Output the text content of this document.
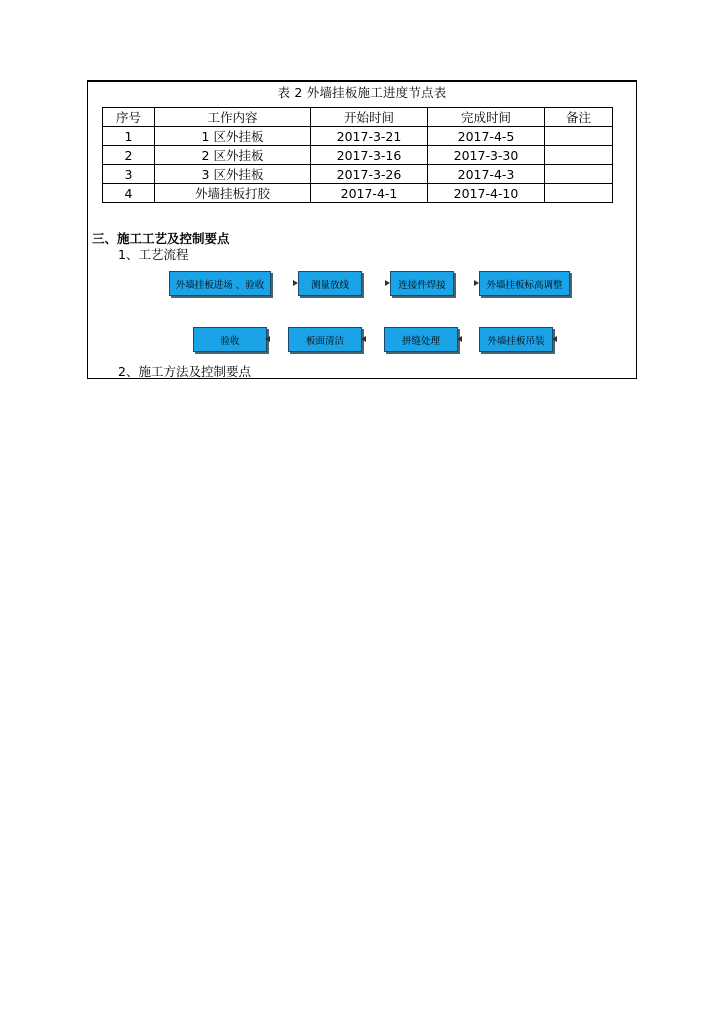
表 2 外墙挂板施工进度节点表
序号	工作内容	开始时间	完成时间	备注
1	1 区外挂板	2017-3-21	2017-4-5	
2	2 区外挂板	2017-3-16	2017-3-30	
3	3 区外挂板	2017-3-26	2017-4-3	
4	外墙挂板打胶	2017-4-1	2017-4-10	
三、施工工艺及控制要点
1、工艺流程
外墙挂板进场 、验收	测量放线	连接件焊接	外墙挂板标高调整
验收	板面清洁	拼缝处理	外墙挂板吊装
2、施工方法及控制要点
